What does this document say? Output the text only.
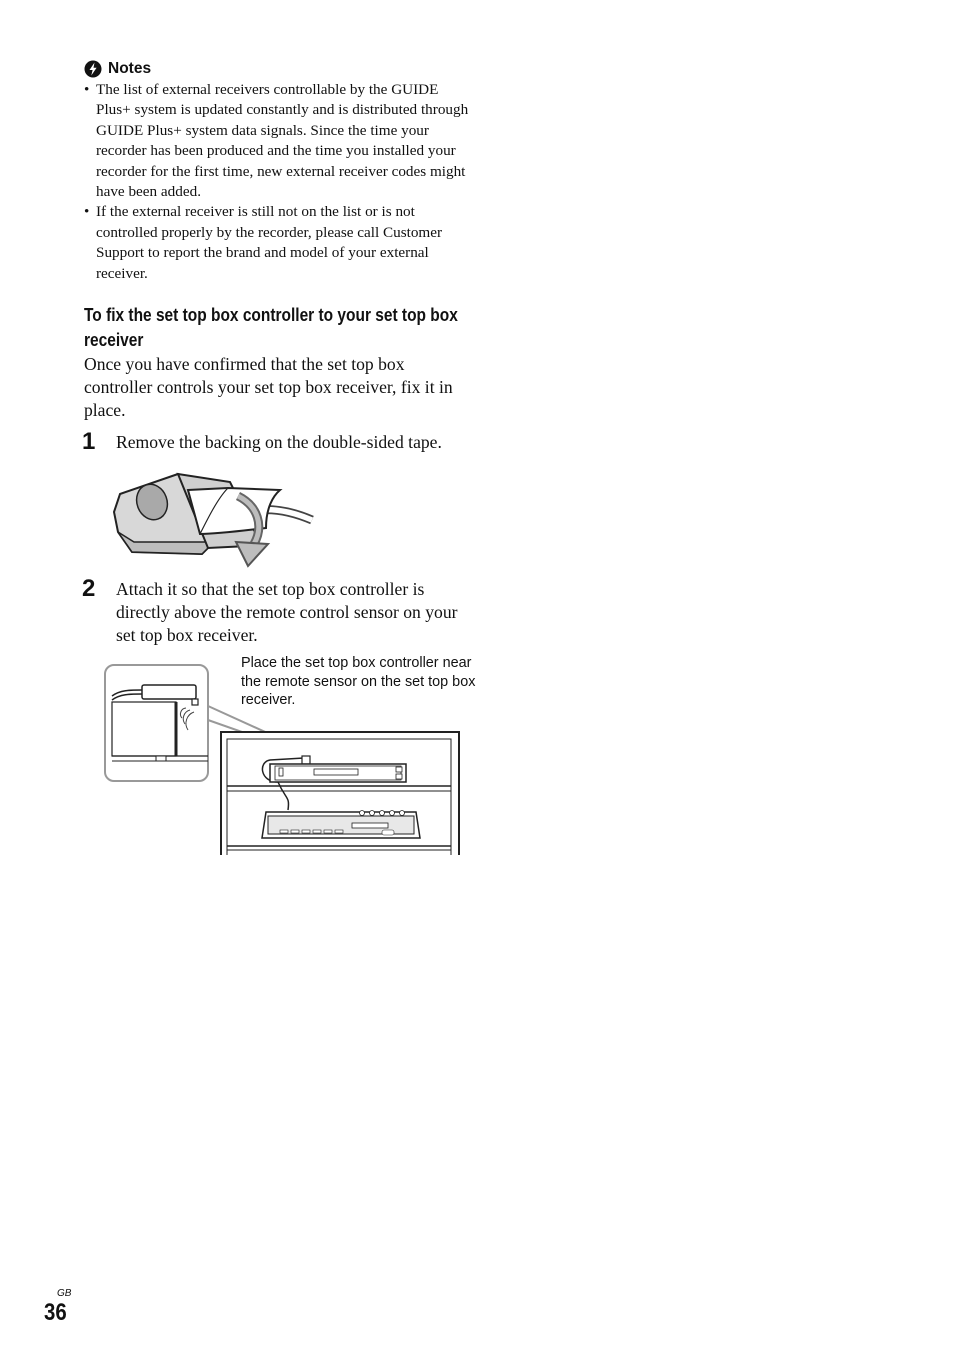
Notes
• The list of external receivers controllable by the GUIDE Plus+ system is updated constantly and is distributed through GUIDE Plus+ system data signals. Since the time your recorder has been produced and the time you installed your recorder for the first time, new external receiver codes might have been added.
• If the external receiver is still not on the list or is not controlled properly by the recorder, please call Customer Support to report the brand and model of your external receiver.
To fix the set top box controller to your set top box receiver

Once you have confirmed that the set top box controller controls your set top box receiver, fix it in place.

1 Remove the backing on the double-sided tape.

2 Attach it so that the set top box controller is directly above the remote control sensor on your set top box receiver.

Place the set top box controller near the remote sensor on the set top box receiver.
GB
36
